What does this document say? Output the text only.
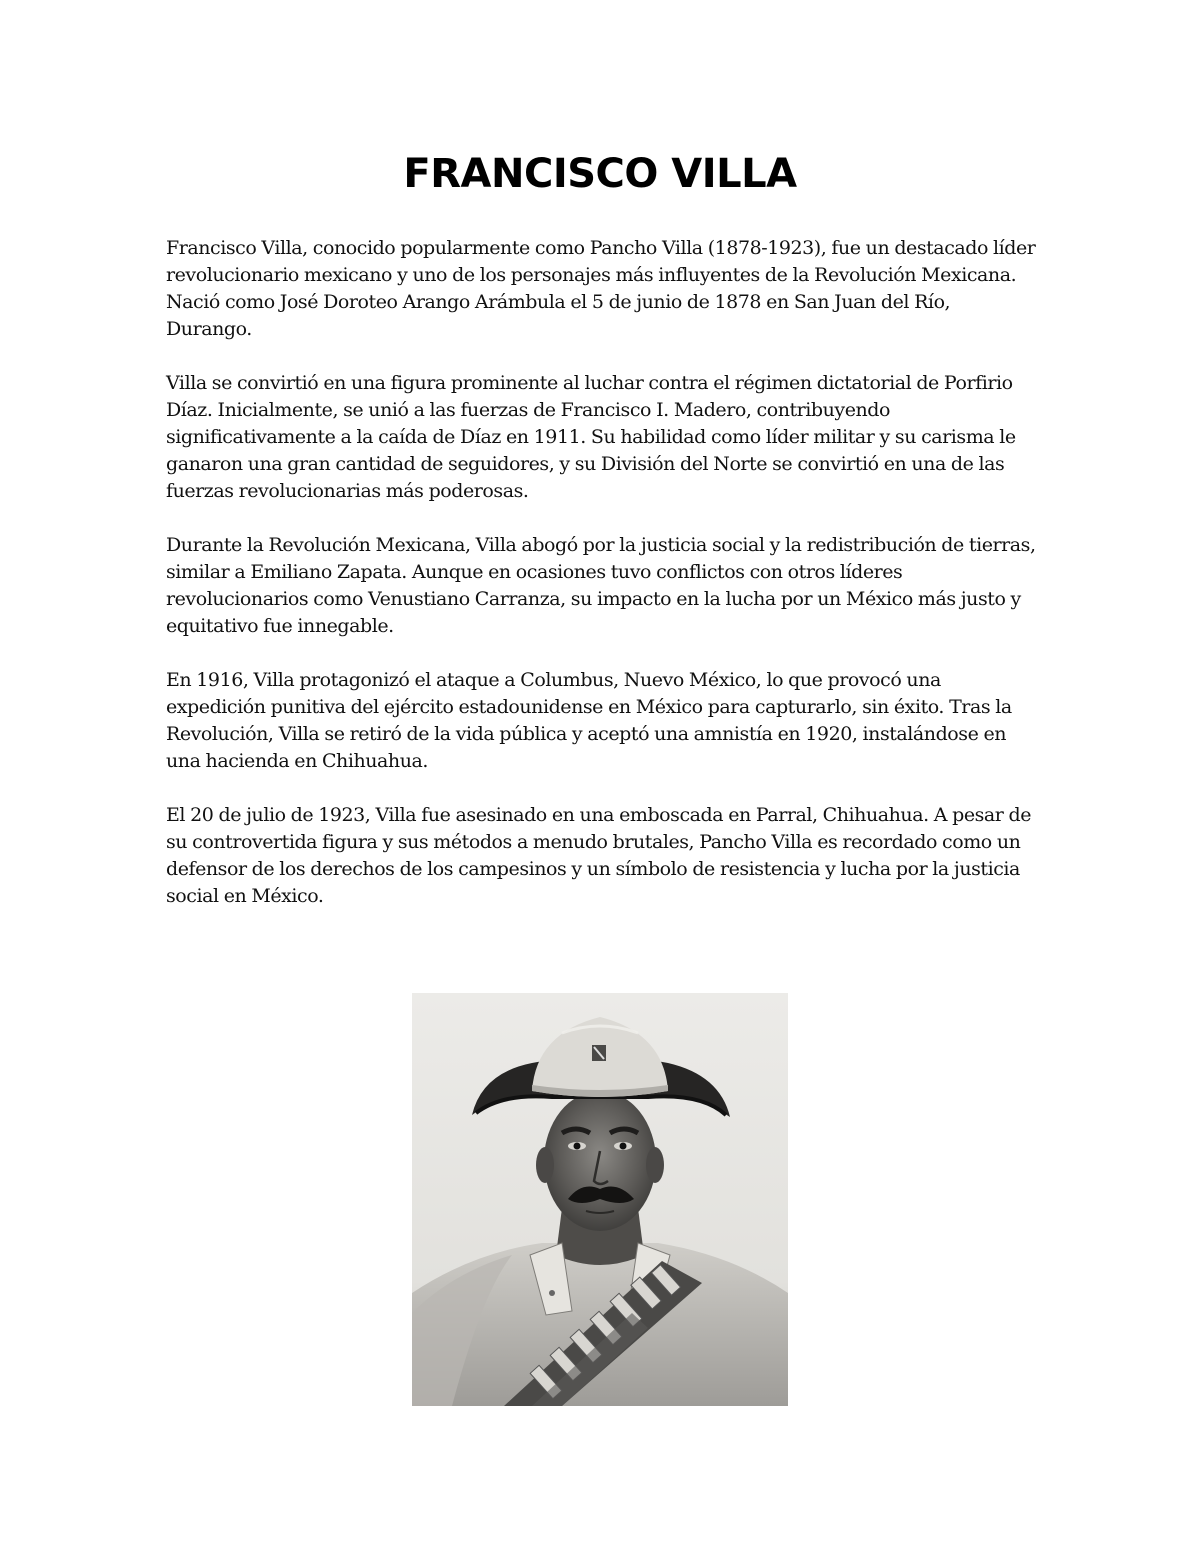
FRANCISCO VILLA

Francisco Villa, conocido popularmente como Pancho Villa (1878-1923), fue un destacado líder revolucionario mexicano y uno de los personajes más influyentes de la Revolución Mexicana. Nació como José Doroteo Arango Arámbula el 5 de junio de 1878 en San Juan del Río, Durango.

Villa se convirtió en una figura prominente al luchar contra el régimen dictatorial de Porfirio Díaz. Inicialmente, se unió a las fuerzas de Francisco I. Madero, contribuyendo significativamente a la caída de Díaz en 1911. Su habilidad como líder militar y su carisma le ganaron una gran cantidad de seguidores, y su División del Norte se convirtió en una de las fuerzas revolucionarias más poderosas.

Durante la Revolución Mexicana, Villa abogó por la justicia social y la redistribución de tierras, similar a Emiliano Zapata. Aunque en ocasiones tuvo conflictos con otros líderes revolucionarios como Venustiano Carranza, su impacto en la lucha por un México más justo y equitativo fue innegable.

En 1916, Villa protagonizó el ataque a Columbus, Nuevo México, lo que provocó una expedición punitiva del ejército estadounidense en México para capturarlo, sin éxito. Tras la Revolución, Villa se retiró de la vida pública y aceptó una amnistía en 1920, instalándose en una hacienda en Chihuahua.

El 20 de julio de 1923, Villa fue asesinado en una emboscada en Parral, Chihuahua. A pesar de su controvertida figura y sus métodos a menudo brutales, Pancho Villa es recordado como un defensor de los derechos de los campesinos y un símbolo de resistencia y lucha por la justicia social en México.
